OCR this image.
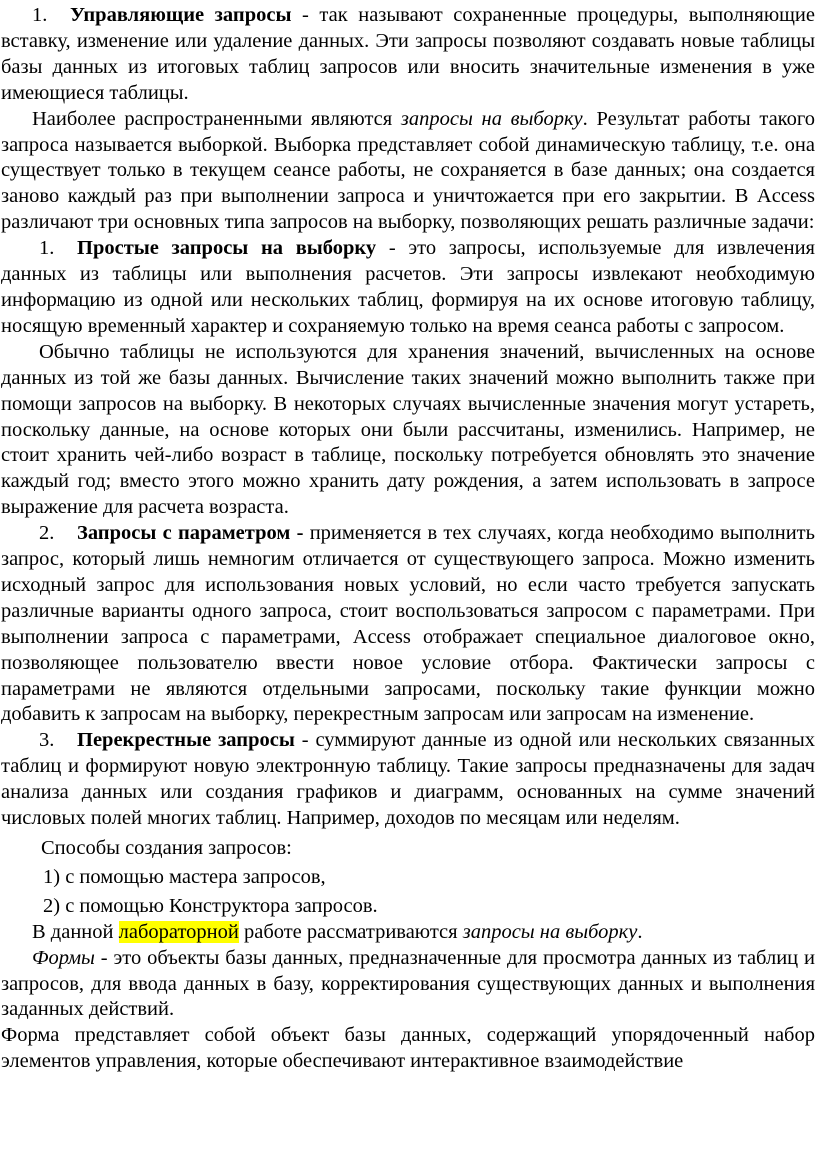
1. Управляющие запросы - так называют сохраненные процедуры, выполняющие вставку, изменение или удаление данных. Эти запросы позволяют создавать новые таблицы базы данных из итоговых таблиц запросов или вносить значительные изменения в уже имеющиеся таблицы.

Наиболее распространенными являются запросы на выборку. Результат работы такого запроса называется выборкой. Выборка представляет собой динамическую таблицу, т.е. она существует только в текущем сеансе работы, не сохраняется в базе данных; она создается заново каждый раз при выполнении запроса и уничтожается при его закрытии. В Access различают три основных типа запросов на выборку, позволяющих решать различные задачи:

1. Простые запросы на выборку - это запросы, используемые для извлечения данных из таблицы или выполнения расчетов. Эти запросы извлекают необходимую информацию из одной или нескольких таблиц, формируя на их основе итоговую таблицу, носящую временный характер и сохраняемую только на время сеанса работы с запросом.

Обычно таблицы не используются для хранения значений, вычисленных на основе данных из той же базы данных. Вычисление таких значений можно выполнить также при помощи запросов на выборку. В некоторых случаях вычисленные значения могут устареть, поскольку данные, на основе которых они были рассчитаны, изменились. Например, не стоит хранить чей-либо возраст в таблице, поскольку потребуется обновлять это значение каждый год; вместо этого можно хранить дату рождения, а затем использовать в запросе выражение для расчета возраста.

2. Запросы с параметром - применяется в тех случаях, когда необходимо выполнить запрос, который лишь немногим отличается от существующего запроса. Можно изменить исходный запрос для использования новых условий, но если часто требуется запускать различные варианты одного запроса, стоит воспользоваться запросом с параметрами. При выполнении запроса с параметрами, Access отображает специальное диалоговое окно, позволяющее пользователю ввести новое условие отбора. Фактически запросы с параметрами не являются отдельными запросами, поскольку такие функции можно добавить к запросам на выборку, перекрестным запросам или запросам на изменение.

3. Перекрестные запросы - суммируют данные из одной или нескольких связанных таблиц и формируют новую электронную таблицу. Такие запросы предназначены для задач анализа данных или создания графиков и диаграмм, основанных на сумме значений числовых полей многих таблиц. Например, доходов по месяцам или неделям.

Способы создания запросов:

1) с помощью мастера запросов,

2) с помощью Конструктора запросов.

В данной лабораторной работе рассматриваются запросы на выборку.

Формы - это объекты базы данных, предназначенные для просмотра данных из таблиц и запросов, для ввода данных в базу, корректирования существующих данных и выполнения заданных действий.

Форма представляет собой объект базы данных, содержащий упорядоченный набор элементов управления, которые обеспечивают интерактивное взаимодействие
